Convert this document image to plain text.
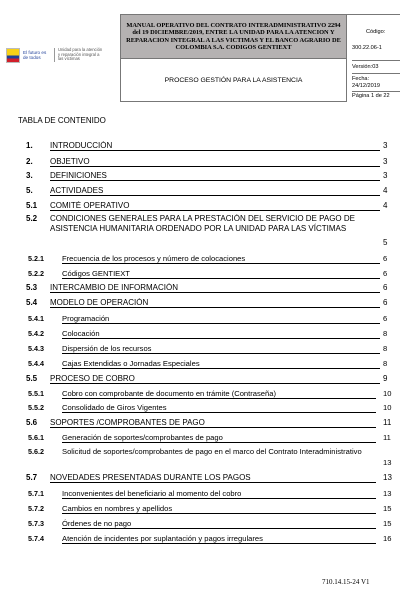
El futuro es de todos
Unidad para la atención y reparación integral a las víctimas
MANUAL OPERATIVO DEL CONTRATO INTERADMINISTRATIVO 2294 del 19 DICIEMBRE/2019, ENTRE LA UNIDAD PARA LA ATENCION Y REPARACION INTEGRAL A LAS VICTIMAS Y EL BANCO AGRARIO DE COLOMBIA S.A. CODIGOS GENTIEXT
PROCESO GESTIÓN PARA LA ASISTENCIA
Código:
300.22.06-1
Versión:03
Fecha:
24/12/2019
Página 1 de 22
TABLA DE CONTENIDO
1. INTRODUCCIÓN	3
2. OBJETIVO	3
3. DEFINICIONES	3
5. ACTIVIDADES	4
5.1 COMITÉ OPERATIVO	4
5.2 CONDICIONES GENERALES PARA LA PRESTACIÓN DEL SERVICIO DE PAGO DE ASISTENCIA HUMANITARIA ORDENADO POR LA UNIDAD PARA LAS VÍCTIMAS
5
5.2.1 Frecuencia de los procesos y número de colocaciones	6
5.2.2 Códigos GENTIEXT	6
5.3 INTERCAMBIO DE INFORMACIÓN	6
5.4 MODELO DE OPERACIÓN	6
5.4.1 Programación	6
5.4.2 Colocación	8
5.4.3 Dispersión de los recursos	8
5.4.4 Cajas Extendidas o Jornadas Especiales	8
5.5 PROCESO DE COBRO	9
5.5.1 Cobro con comprobante de documento en trámite (Contraseña)	10
5.5.2 Consolidado de Giros Vigentes	10
5.6 SOPORTES /COMPROBANTES DE PAGO	11
5.6.1 Generación de soportes/comprobantes de pago	11
5.6.2	Solicitud de soportes/comprobantes de pago en el marco del Contrato Interadministrativo
13
5.7 NOVEDADES PRESENTADAS DURANTE LOS PAGOS	13
5.7.1 Inconvenientes del beneficiario al momento del cobro	13
5.7.2 Cambios en nombres y apellidos	15
5.7.3 Órdenes de no pago	15
5.7.4 Atención de incidentes por suplantación y pagos irregulares	16
710.14.15-24 V1
